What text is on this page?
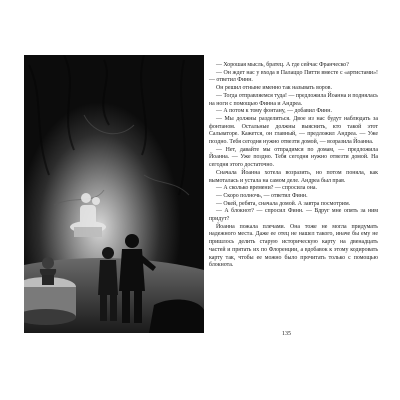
— Хорошая мысль, братец. А где сейчас Франческо?

— Он ждет нас у входа в Палаццо Питти вместе с «артистами»! — ответил Финн.

Он решил отныне именно так называть воров.

— Тогда отправляемся туда! — предложила Йоанна и поднялась на ноги с помощью Финна и Андреа.

— А потом к тому фонтану, — добавил Финн.

— Мы должны разделиться. Двое из нас будут наблюдать за фонтаном. Остальные должны выяснить, кто такой этот Сальваторе. Кажется, он главный, — предложил Андреа. — Уже поздно. Тебя сегодня нужно отвезти домой, — возразила Йоанна.

— Нет, давайте мы отпрадимся по домам, — предложила Йоанна. — Уже поздно. Тебя сегодня нужно отвезти домой. На сегодня этого достаточно.

Сначала Йоанна хотела возразить, но потом поняла, как вымоталась и устала на самом деле. Андреа был прав.

— А сколько времени? — спросила она.

— Скоро полночь, — ответил Финн.

— Окей, ребята, сначала домой. А завтра посмотрим.

— А блокнот? — спросил Финн. — Вдруг мне опять за ним придут?

Йоанна пожала плечами. Она тоже не могла придумать надежного места. Даже ее отец не нашел такого, иначе бы ему не пришлось делить старую историческую карту на двенадцать частей и прятать их по Флоренции, а вдобавок к этому кодировать карту так, чтобы ее можно было прочитать только с помощью блокнота.

135
